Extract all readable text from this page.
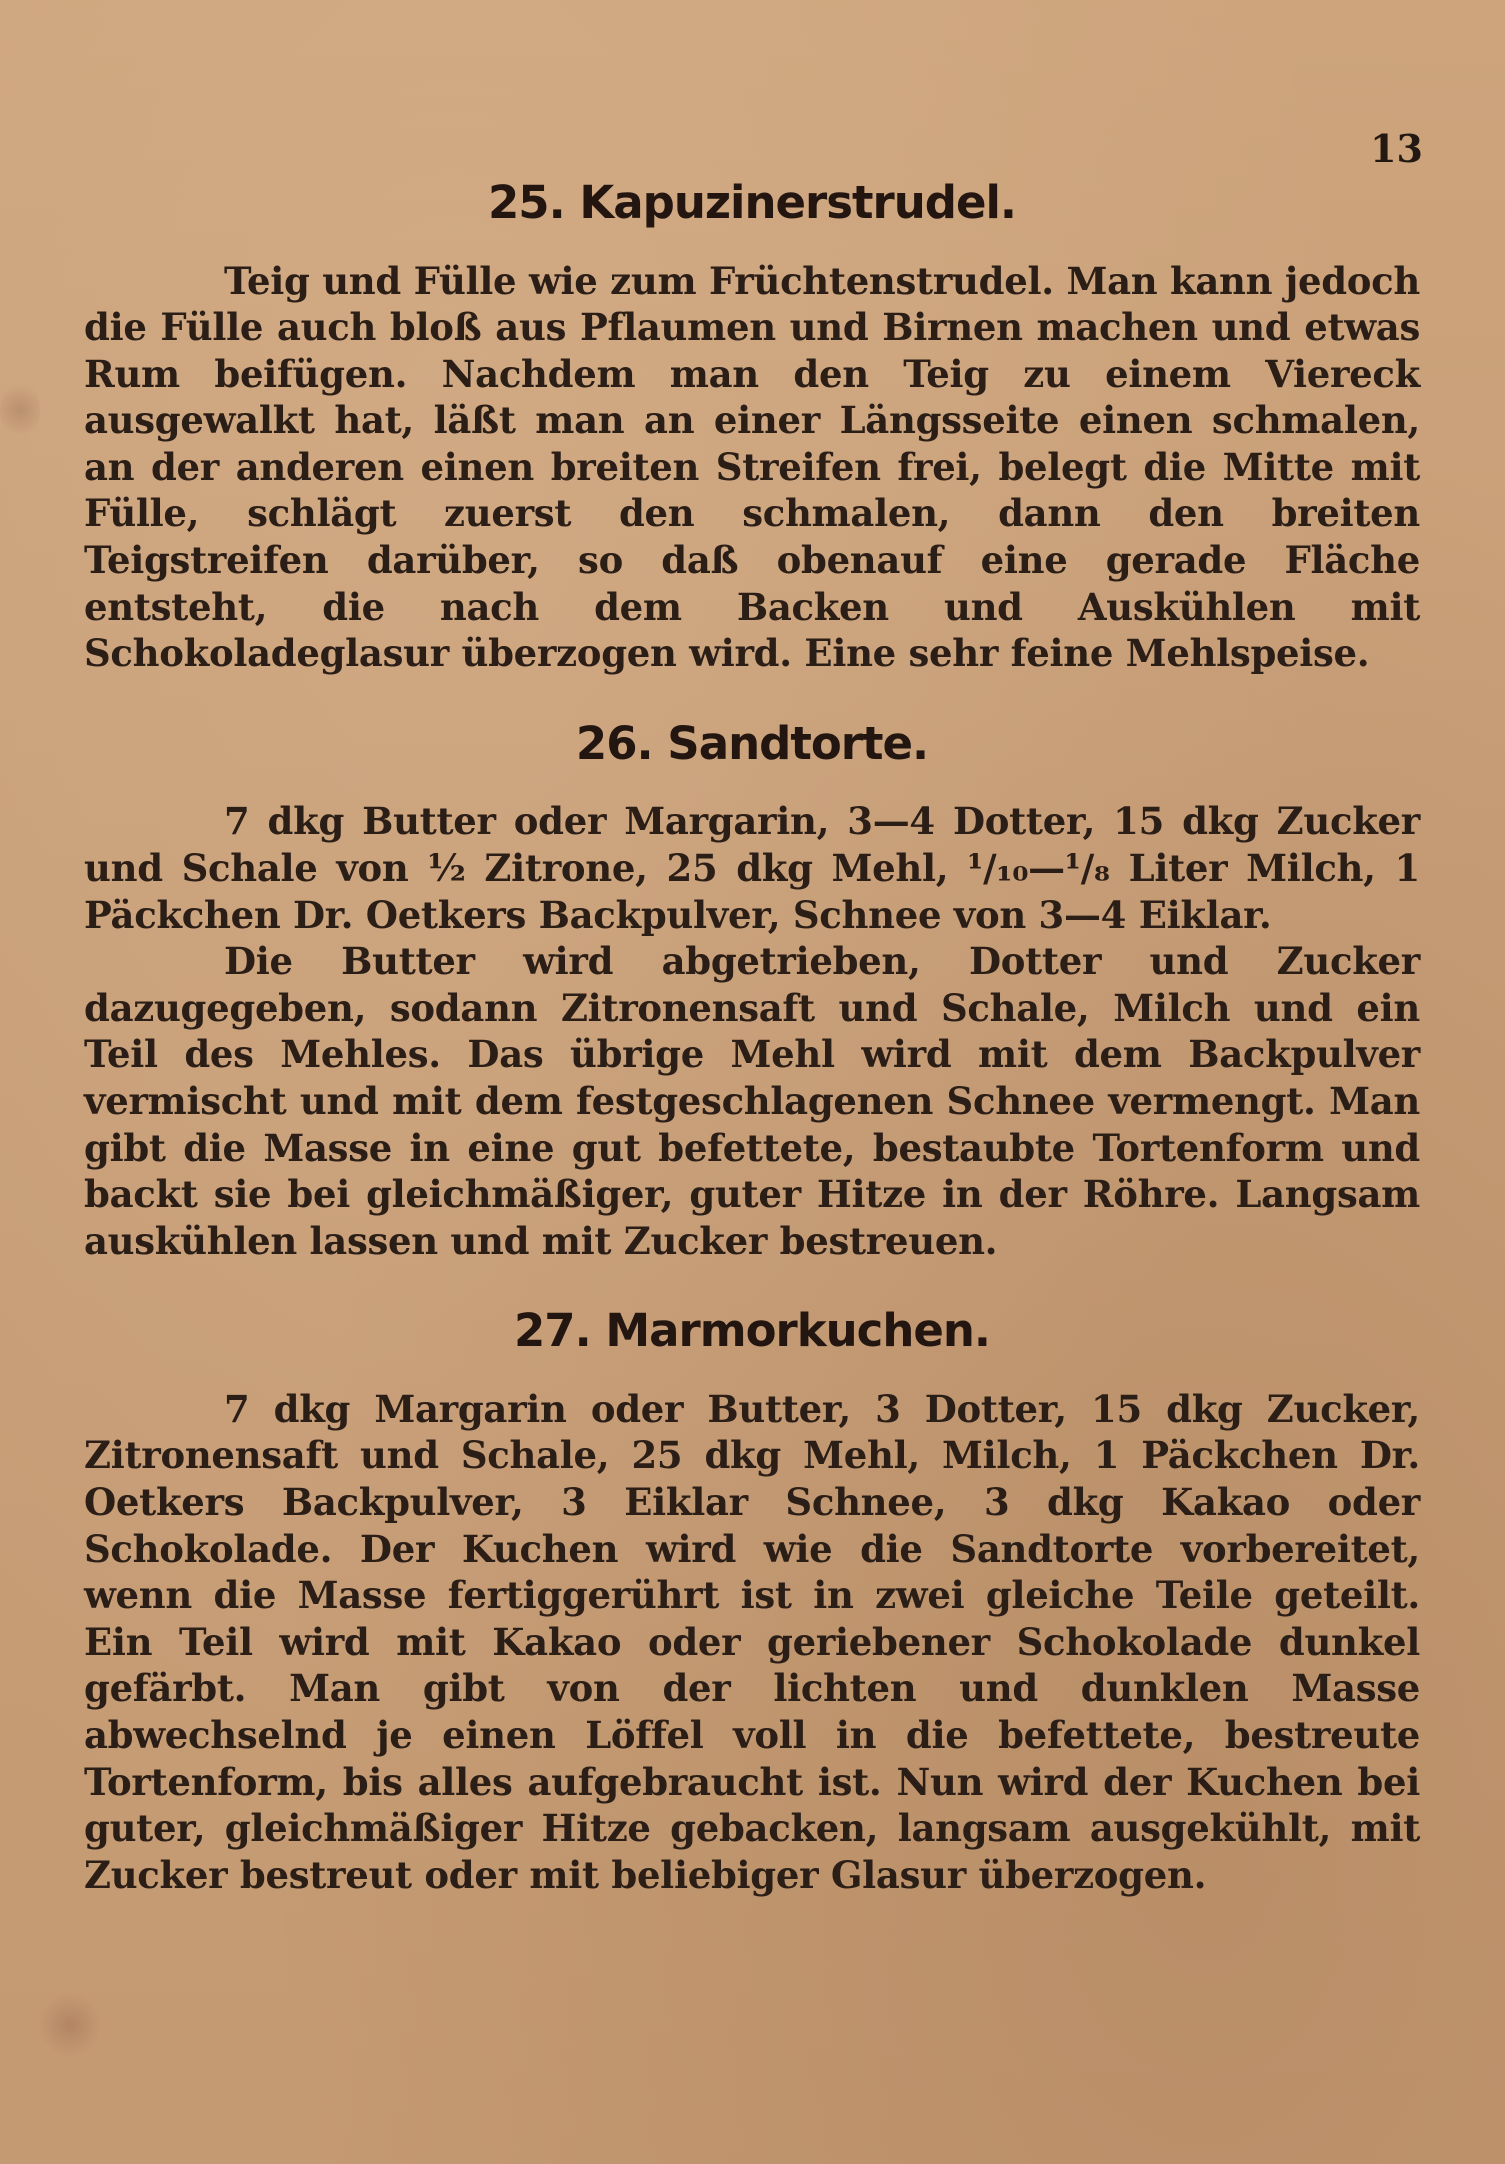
13
25. Kapuzinerstrudel.

Teig und Fülle wie zum Früchtenstrudel. Man kann jedoch die Fülle auch bloß aus Pflaumen und Birnen machen und etwas Rum beifügen. Nachdem man den Teig zu einem Viereck ausgewalkt hat, läßt man an einer Längsseite einen schmalen, an der anderen einen breiten Streifen frei, belegt die Mitte mit Fülle, schlägt zuerst den schmalen, dann den breiten Teigstreifen darüber, so daß obenauf eine gerade Fläche entsteht, die nach dem Backen und Auskühlen mit Schokoladeglasur überzogen wird. Eine sehr feine Mehlspeise.

26. Sandtorte.

7 dkg Butter oder Margarin, 3—4 Dotter, 15 dkg Zucker und Schale von ½ Zitrone, 25 dkg Mehl, ¹/₁₀—¹/₈ Liter Milch, 1 Päckchen Dr. Oetkers Backpulver, Schnee von 3—4 Eiklar.

Die Butter wird abgetrieben, Dotter und Zucker dazugegeben, sodann Zitronensaft und Schale, Milch und ein Teil des Mehles. Das übrige Mehl wird mit dem Backpulver vermischt und mit dem festgeschlagenen Schnee vermengt. Man gibt die Masse in eine gut befettete, bestaubte Tortenform und backt sie bei gleichmäßiger, guter Hitze in der Röhre. Langsam auskühlen lassen und mit Zucker bestreuen.

27. Marmorkuchen.

7 dkg Margarin oder Butter, 3 Dotter, 15 dkg Zucker, Zitronensaft und Schale, 25 dkg Mehl, Milch, 1 Päckchen Dr. Oetkers Backpulver, 3 Eiklar Schnee, 3 dkg Kakao oder Schokolade. Der Kuchen wird wie die Sandtorte vorbereitet, wenn die Masse fertiggerührt ist in zwei gleiche Teile geteilt. Ein Teil wird mit Kakao oder geriebener Schokolade dunkel gefärbt. Man gibt von der lichten und dunklen Masse abwechselnd je einen Löffel voll in die befettete, bestreute Tortenform, bis alles aufgebraucht ist. Nun wird der Kuchen bei guter, gleichmäßiger Hitze gebacken, langsam ausgekühlt, mit Zucker bestreut oder mit beliebiger Glasur überzogen.
